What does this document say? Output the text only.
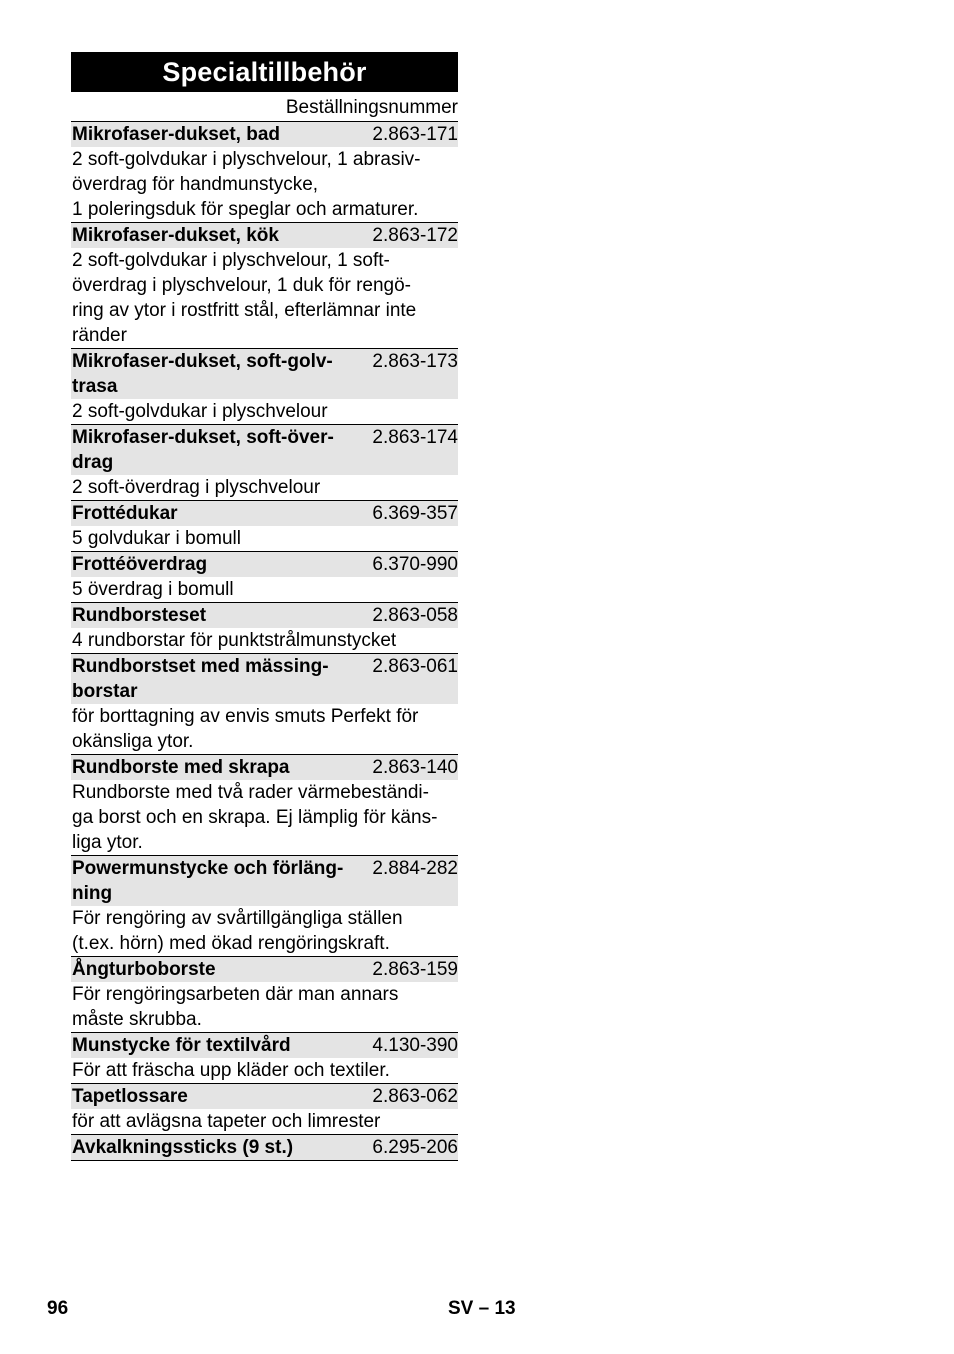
Specialtillbehör
Beställningsnummer
Mikrofaser-dukset, bad	2.863-171
2 soft-golvdukar i plyschvelour, 1 abrasiv-
överdrag för handmunstycke,
1 poleringsduk för speglar och armaturer.
Mikrofaser-dukset, kök	2.863-172
2 soft-golvdukar i plyschvelour, 1 soft-
överdrag i plyschvelour, 1 duk för rengö-
ring av ytor i rostfritt stål, efterlämnar inte
ränder
Mikrofaser-dukset, soft-golv-
trasa
2.863-173
2 soft-golvdukar i plyschvelour
Mikrofaser-dukset, soft-över-
drag
2.863-174
2 soft-överdrag i plyschvelour
Frottédukar	6.369-357
5 golvdukar i bomull
Frottéöverdrag	6.370-990
5 överdrag i bomull
Rundborsteset	2.863-058
4 rundborstar för punktstrålmunstycket
Rundborstset med mässing-
borstar
2.863-061
för borttagning av envis smuts Perfekt för
okänsliga ytor.
Rundborste med skrapa	2.863-140
Rundborste med två rader värmebeständi-
ga borst och en skrapa. Ej lämplig för käns-
liga ytor.
Powermunstycke och förläng-
ning
2.884-282
För rengöring av svårtillgängliga ställen
(t.ex. hörn) med ökad rengöringskraft.
Ångturboborste	2.863-159
För rengöringsarbeten där man annars
måste skrubba.
Munstycke för textilvård	4.130-390
För att fräscha upp kläder och textiler.
Tapetlossare	2.863-062
för att avlägsna tapeter och limrester
Avkalkningssticks (9 st.)	6.295-206
96	SV – 13
